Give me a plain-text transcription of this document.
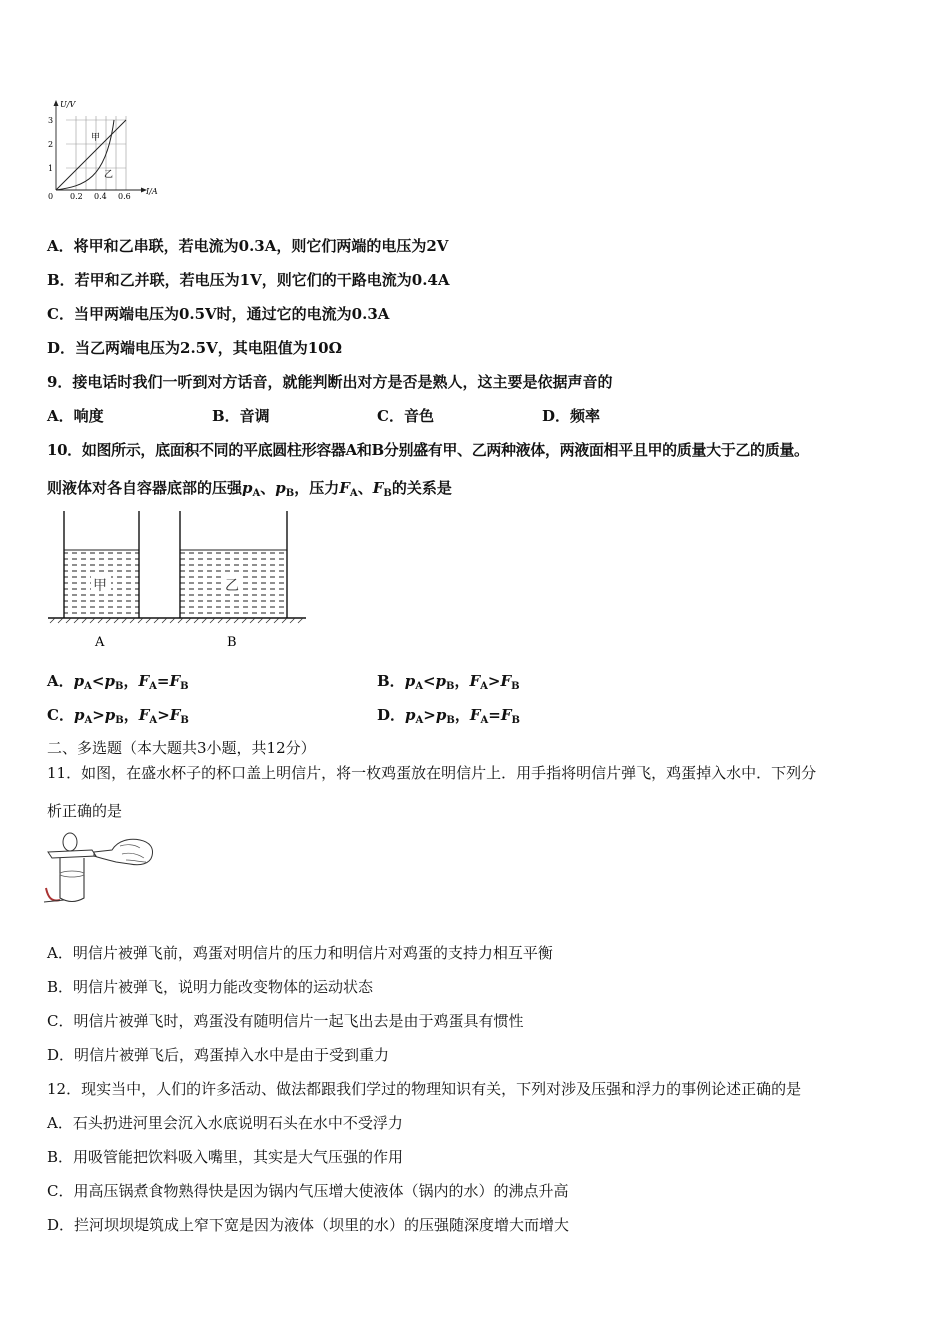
U/V
I/A
3
2
1
0 0.2 0.4 0.6
甲
乙
A．将甲和乙串联，若电流为0.3A，则它们两端的电压为2V
B．若甲和乙并联，若电压为1V，则它们的干路电流为0.4A
C．当甲两端电压为0.5V时，通过它的电流为0.3A
D．当乙两端电压为2.5V，其电阻值为10Ω
9．接电话时我们一听到对方话音，就能判断出对方是否是熟人，这主要是依据声音的
A．响度	B．音调	C．音色	D．频率
10．如图所示，底面积不同的平底圆柱形容器A和B分别盛有甲、乙两种液体，两液面相平且甲的质量大于乙的质量。
则液体对各自容器底部的压强$p_A$、$p_B$，压力$F_A$、$F_B$的关系是
甲	乙
A	B
A．$p_A<p_B$，$F_A=F_B$	B．$p_A<p_B$，$F_A>F_B$
C．$p_A>p_B$，$F_A>F_B$	D．$p_A>p_B$，$F_A=F_B$
二、多选题（本大题共3小题，共12分）
11．如图，在盛水杯子的杯口盖上明信片，将一枚鸡蛋放在明信片上．用手指将明信片弹飞，鸡蛋掉入水中．下列分
析正确的是
A．明信片被弹飞前，鸡蛋对明信片的压力和明信片对鸡蛋的支持力相互平衡
B．明信片被弹飞，说明力能改变物体的运动状态
C．明信片被弹飞时，鸡蛋没有随明信片一起飞出去是由于鸡蛋具有惯性
D．明信片被弹飞后，鸡蛋掉入水中是由于受到重力
12．现实当中，人们的许多活动、做法都跟我们学过的物理知识有关，下列对涉及压强和浮力的事例论述正确的是
A．石头扔进河里会沉入水底说明石头在水中不受浮力
B．用吸管能把饮料吸入嘴里，其实是大气压强的作用
C．用高压锅煮食物熟得快是因为锅内气压增大使液体（锅内的水）的沸点升高
D．拦河坝坝堤筑成上窄下宽是因为液体（坝里的水）的压强随深度增大而增大
